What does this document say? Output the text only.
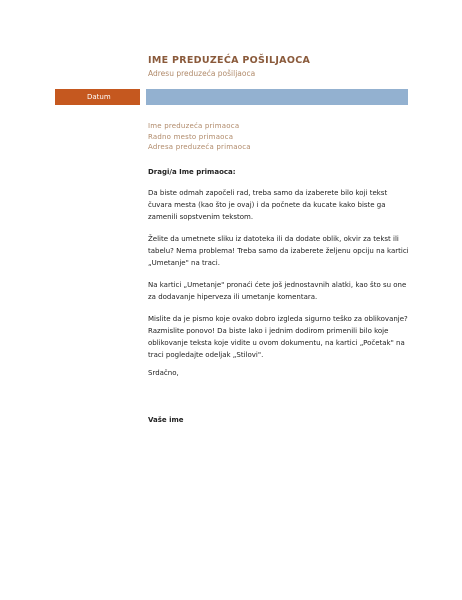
IME PREDUZEĆA POŠILJAOCA
Adresu preduzeća pošiljaoca
Datum
Ime preduzeća primaoca
Radno mesto primaoca
Adresa preduzeća primaoca

Dragi/a Ime primaoca:

Da biste odmah započeli rad, treba samo da izaberete bilo koji tekst čuvara mesta (kao što je ovaj) i da počnete da kucate kako biste ga zamenili sopstvenim tekstom.

Želite da umetnete sliku iz datoteka ili da dodate oblik, okvir za tekst ili tabelu? Nema problema! Treba samo da izaberete željenu opciju na kartici „Umetanje" na traci.

Na kartici „Umetanje" pronaći ćete još jednostavnih alatki, kao što su one za dodavanje hiperveza ili umetanje komentara.

Mislite da je pismo koje ovako dobro izgleda sigurno teško za oblikovanje? Razmislite ponovo! Da biste lako i jednim dodirom primenili bilo koje oblikovanje teksta koje vidite u ovom dokumentu, na kartici „Početak" na traci pogledajte odeljak „Stilovi".

Srdačno,
Vaše ime
